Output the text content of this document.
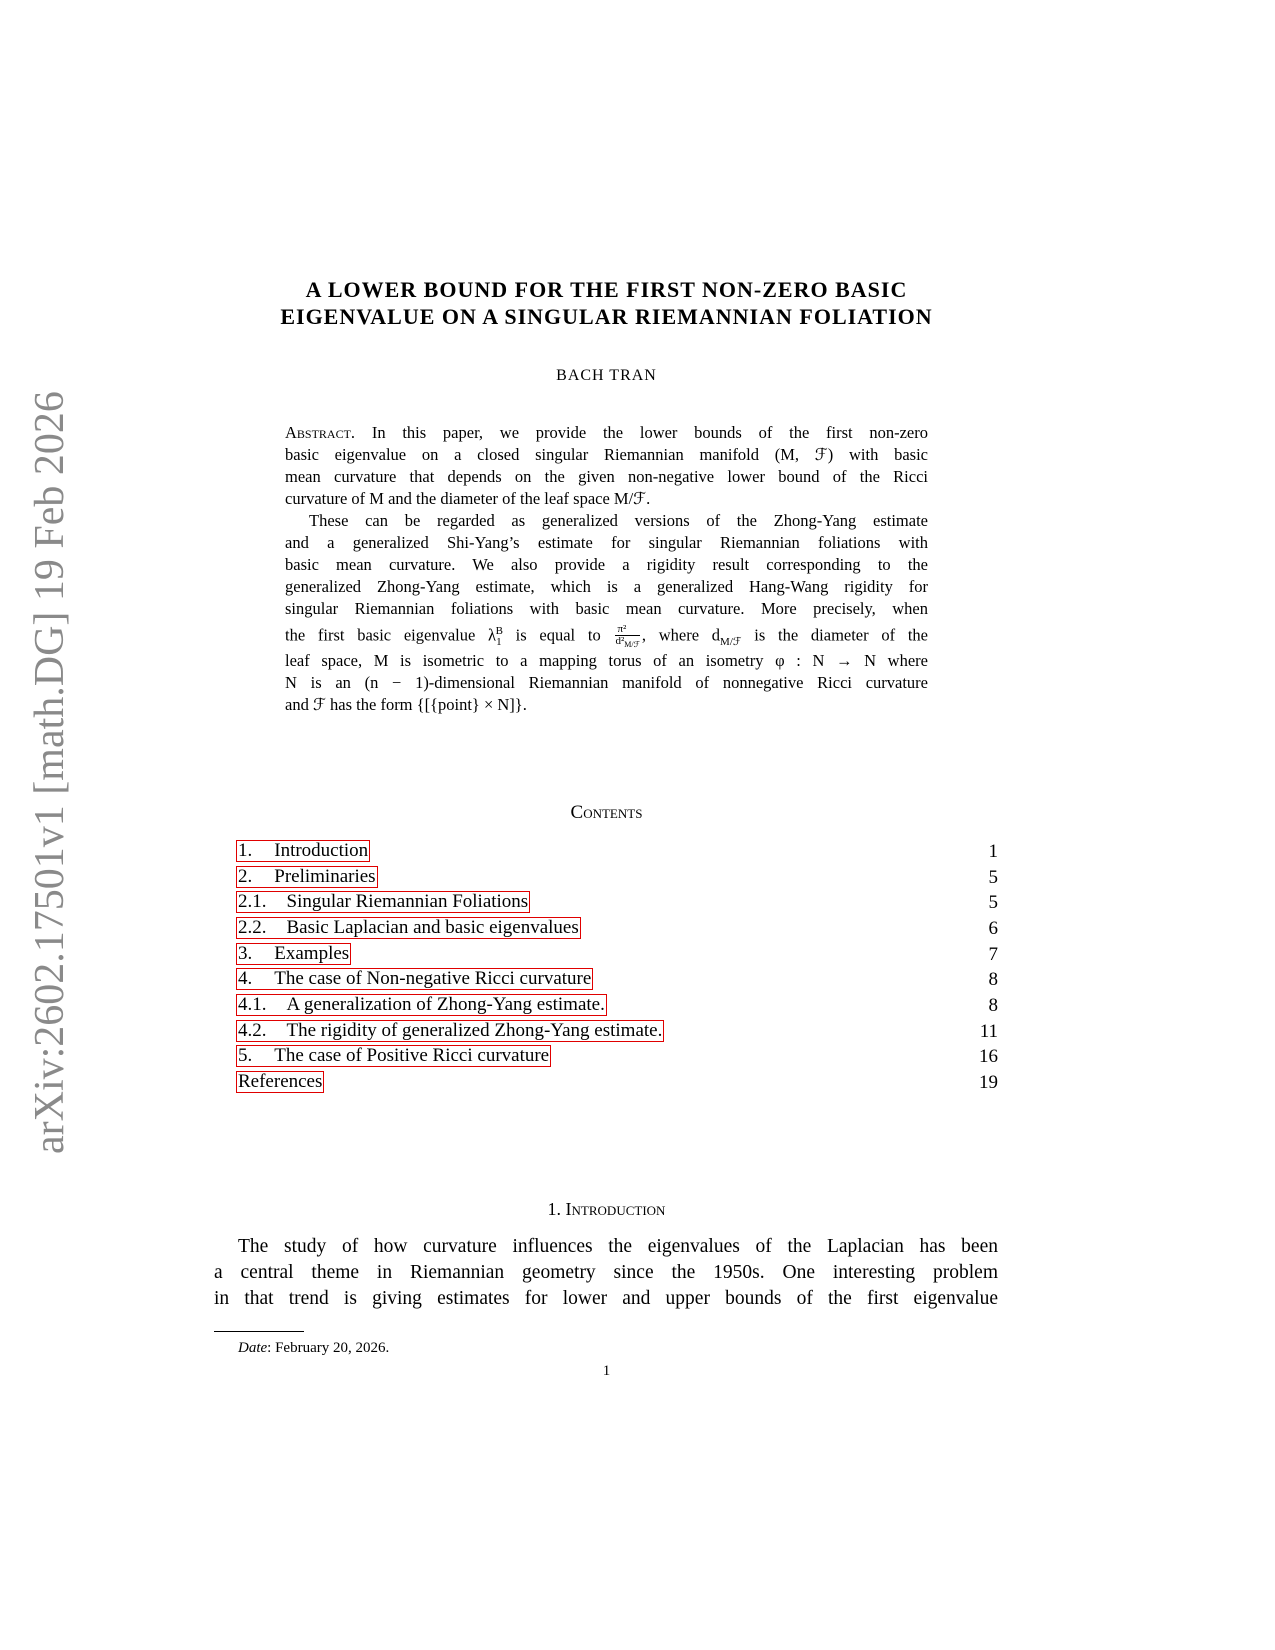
arXiv:2602.17501v1 [math.DG] 19 Feb 2026
A LOWER BOUND FOR THE FIRST NON-ZERO BASIC
EIGENVALUE ON A SINGULAR RIEMANNIAN FOLIATION
BACH TRAN
Abstract. In this paper, we provide the lower bounds of the first non-zero
basic eigenvalue on a closed singular Riemannian manifold (M, ℱ) with basic
mean curvature that depends on the given non-negative lower bound of the Ricci
curvature of M and the diameter of the leaf space M/ℱ.
These can be regarded as generalized versions of the Zhong-Yang estimate
and a generalized Shi-Yang’s estimate for singular Riemannian foliations with
basic mean curvature. We also provide a rigidity result corresponding to the
generalized Zhong-Yang estimate, which is a generalized Hang-Wang rigidity for
singular Riemannian foliations with basic mean curvature. More precisely, when
the first basic eigenvalue $\lambda_1^B$ is equal to $\frac{\text{π²}}{d^2_{M/ℱ}}$ , where $d_{M/ℱ}$ is the diameter of the
leaf space, M is isometric to a mapping torus of an isometry φ : N → N where
N is an (n − 1)-dimensional Riemannian manifold of nonnegative Ricci curvature
and ℱ has the form {[{point} × N]}.
Contents
1. Introduction	1
2. Preliminaries	5
2.1. Singular Riemannian Foliations	5
2.2. Basic Laplacian and basic eigenvalues	6
3. Examples	7
4. The case of Non-negative Ricci curvature	8
4.1. A generalization of Zhong-Yang estimate.	8
4.2. The rigidity of generalized Zhong-Yang estimate.	11
5. The case of Positive Ricci curvature	16
References	19
1. Introduction
The study of how curvature influences the eigenvalues of the Laplacian has been
a central theme in Riemannian geometry since the 1950s. One interesting problem
in that trend is giving estimates for lower and upper bounds of the first eigenvalue
Date: February 20, 2026.
1
